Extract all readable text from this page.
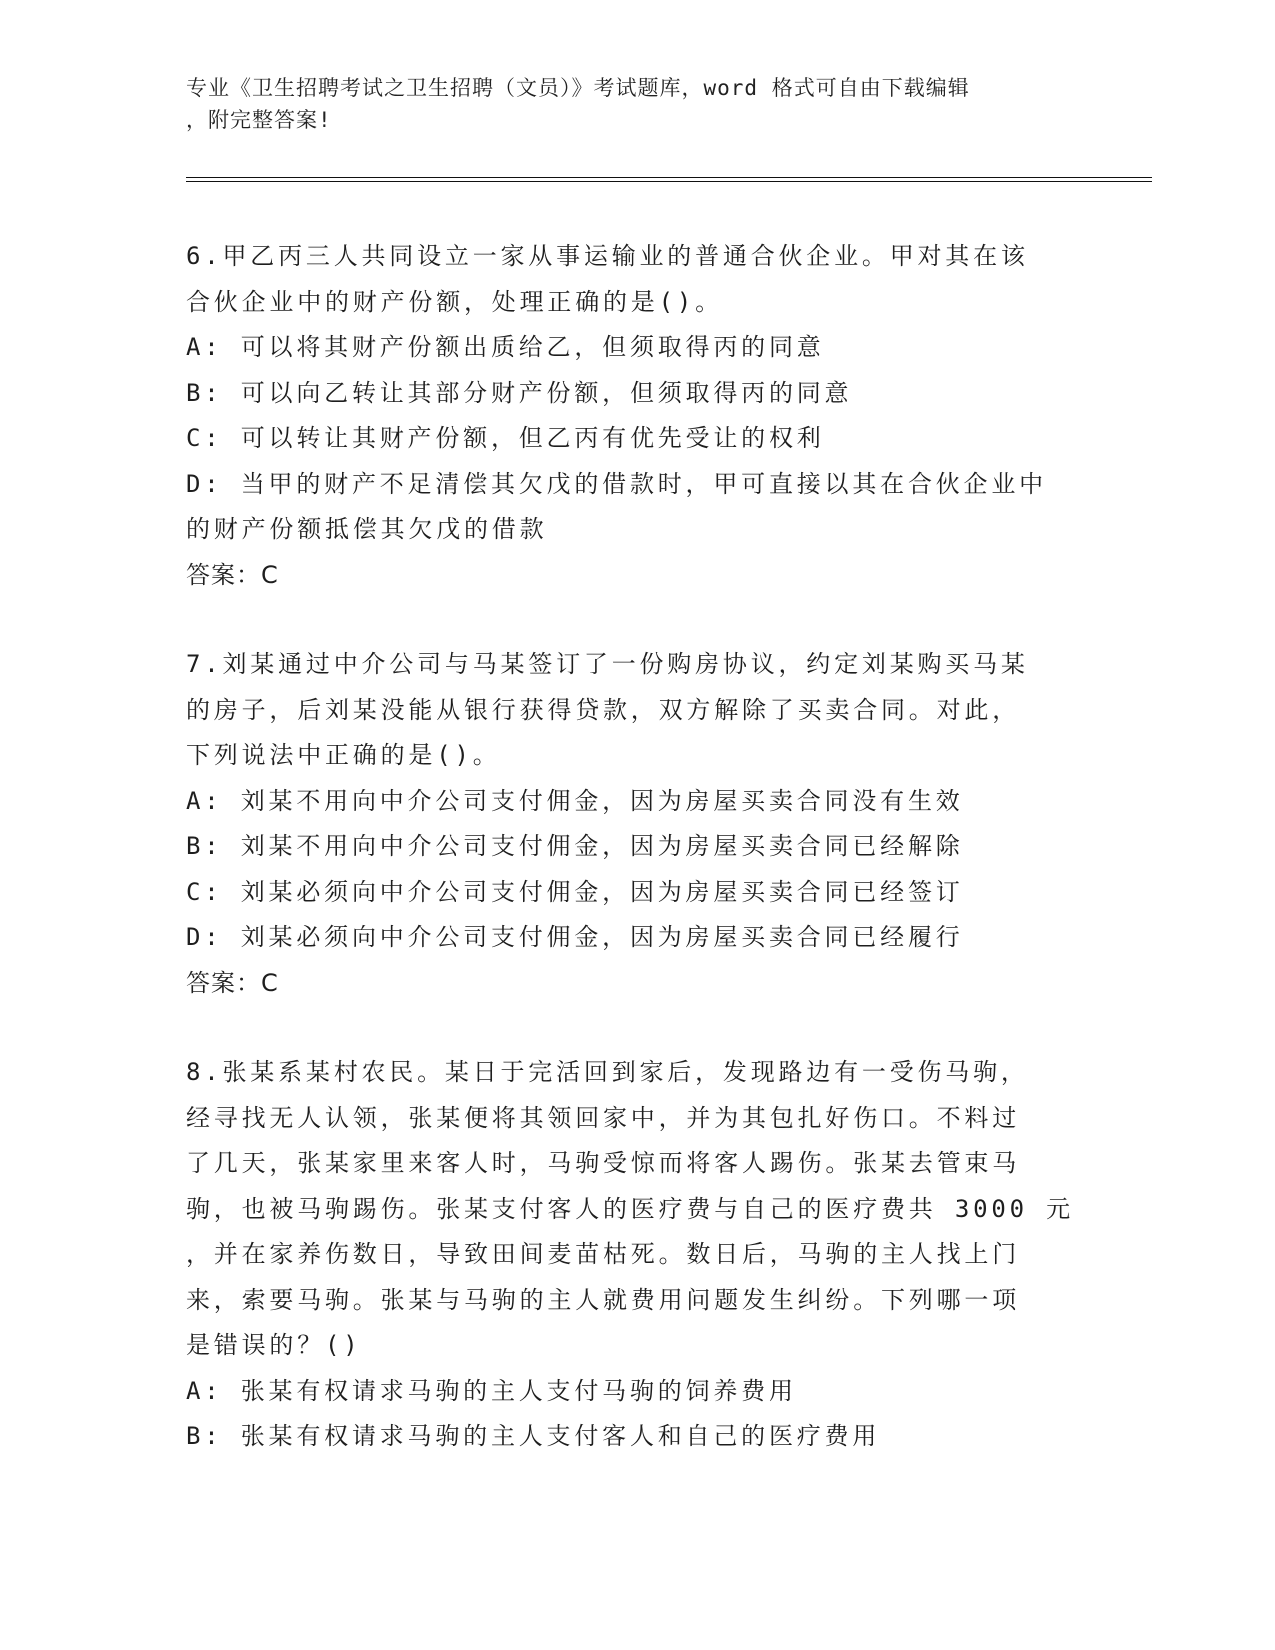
专业《卫生招聘考试之卫生招聘（文员）》考试题库，word 格式可自由下载编辑
，附完整答案!
6.甲乙丙三人共同设立一家从事运输业的普通合伙企业。甲对其在该
合伙企业中的财产份额，处理正确的是()。
A: 可以将其财产份额出质给乙，但须取得丙的同意
B: 可以向乙转让其部分财产份额，但须取得丙的同意
C: 可以转让其财产份额，但乙丙有优先受让的权利
D: 当甲的财产不足清偿其欠戊的借款时，甲可直接以其在合伙企业中
的财产份额抵偿其欠戊的借款
答案：C
7.刘某通过中介公司与马某签订了一份购房协议，约定刘某购买马某
的房子，后刘某没能从银行获得贷款，双方解除了买卖合同。对此，
下列说法中正确的是()。
A: 刘某不用向中介公司支付佣金，因为房屋买卖合同没有生效
B: 刘某不用向中介公司支付佣金，因为房屋买卖合同已经解除
C: 刘某必须向中介公司支付佣金，因为房屋买卖合同已经签订
D: 刘某必须向中介公司支付佣金，因为房屋买卖合同已经履行
答案：C
8.张某系某村农民。某日于完活回到家后，发现路边有一受伤马驹，
经寻找无人认领，张某便将其领回家中，并为其包扎好伤口。不料过
了几天，张某家里来客人时，马驹受惊而将客人踢伤。张某去管束马
驹，也被马驹踢伤。张某支付客人的医疗费与自己的医疗费共 3000 元
，并在家养伤数日，导致田间麦苗枯死。数日后，马驹的主人找上门
来，索要马驹。张某与马驹的主人就费用问题发生纠纷。下列哪一项
是错误的？()
A: 张某有权请求马驹的主人支付马驹的饲养费用
B: 张某有权请求马驹的主人支付客人和自己的医疗费用
